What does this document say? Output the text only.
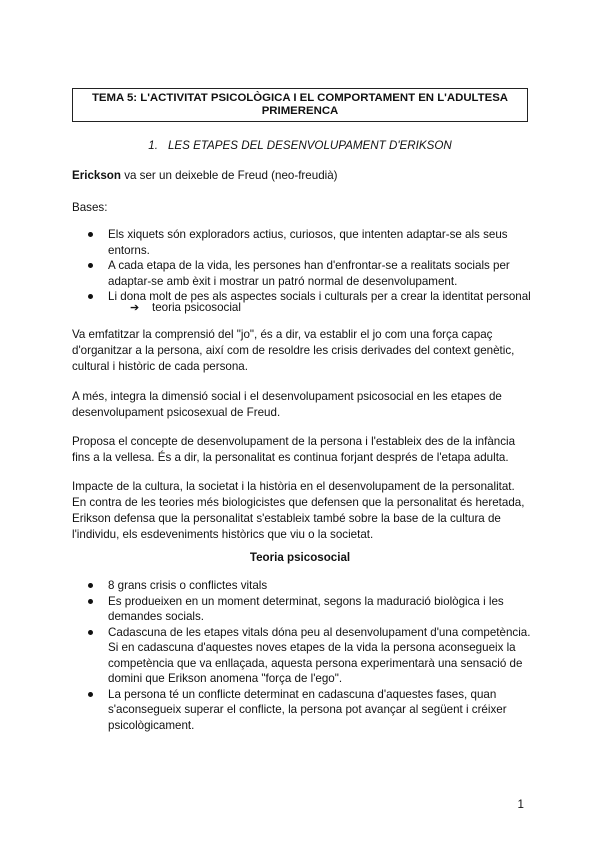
TEMA 5: L'ACTIVITAT PSICOLÒGICA I EL COMPORTAMENT EN L'ADULTESA
PRIMERENCA
1. LES ETAPES DEL DESENVOLUPAMENT D'ERIKSON
Erickson va ser un deixeble de Freud (neo-freudià)
Bases:
Els xiquets són exploradors actius, curiosos, que intenten adaptar-se als seus entorns.
A cada etapa de la vida, les persones han d'enfrontar-se a realitats socials per adaptar-se amb èxit i mostrar un patró normal de desenvolupament.
Li dona molt de pes als aspectes socials i culturals per a crear la identitat personal
➔ teoria psicosocial
Va emfatitzar la comprensió del "jo", és a dir, va establir el jo com una força capaç d'organitzar a la persona, així com de resoldre les crisis derivades del context genètic, cultural i històric de cada persona.
A més, integra la dimensió social i el desenvolupament psicosocial en les etapes de desenvolupament psicosexual de Freud.
Proposa el concepte de desenvolupament de la persona i l'estableix des de la infància fins a la vellesa. És a dir, la personalitat es continua forjant després de l'etapa adulta.
Impacte de la cultura, la societat i la història en el desenvolupament de la personalitat. En contra de les teories més biologicistes que defensen que la personalitat és heretada, Erikson defensa que la personalitat s'estableix també sobre la base de la cultura de l'individu, els esdeveniments històrics que viu o la societat.
Teoria psicosocial
8 grans crisis o conflictes vitals
Es produeixen en un moment determinat, segons la maduració biològica i les demandes socials.
Cadascuna de les etapes vitals dóna peu al desenvolupament d'una competència. Si en cadascuna d'aquestes noves etapes de la vida la persona aconsegueix la competència que va enllaçada, aquesta persona experimentarà una sensació de domini que Erikson anomena "força de l'ego".
La persona té un conflicte determinat en cadascuna d'aquestes fases, quan s'aconsegueix superar el conflicte, la persona pot avançar al següent i créixer psicològicament.
1
